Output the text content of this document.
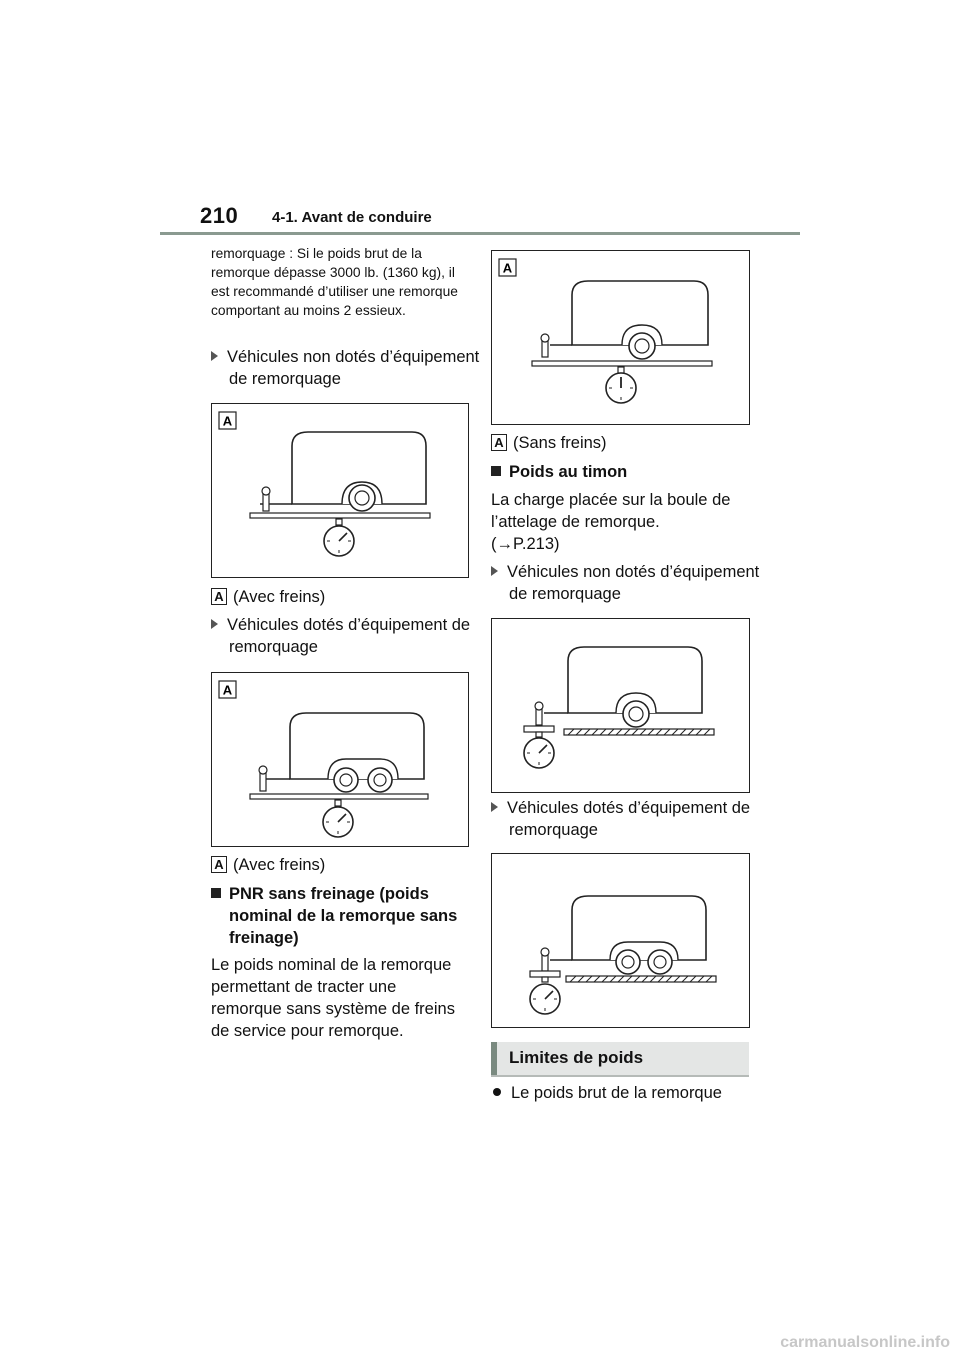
210 4-1. Avant de conduire
remorquage : Si le poids brut de la remorque dépasse 3000 lb. (1360 kg), il est recommandé d’utiliser une remorque comportant au moins 2 essieux.
Véhicules non dotés d’équipement de remorquage
A
A (Avec freins)
Véhicules dotés d’équipement de remorquage
A
A (Avec freins)
PNR sans freinage (poids nominal de la remorque sans freinage)
Le poids nominal de la remorque permettant de tracter une remorque sans système de freins de service pour remorque.
A
A (Sans freins)
Poids au timon
La charge placée sur la boule de l’attelage de remorque.
(→P.213)
Véhicules non dotés d’équipement de remorquage
Véhicules dotés d’équipement de remorquage
Limites de poids
Le poids brut de la remorque
carmanualsonline.info
